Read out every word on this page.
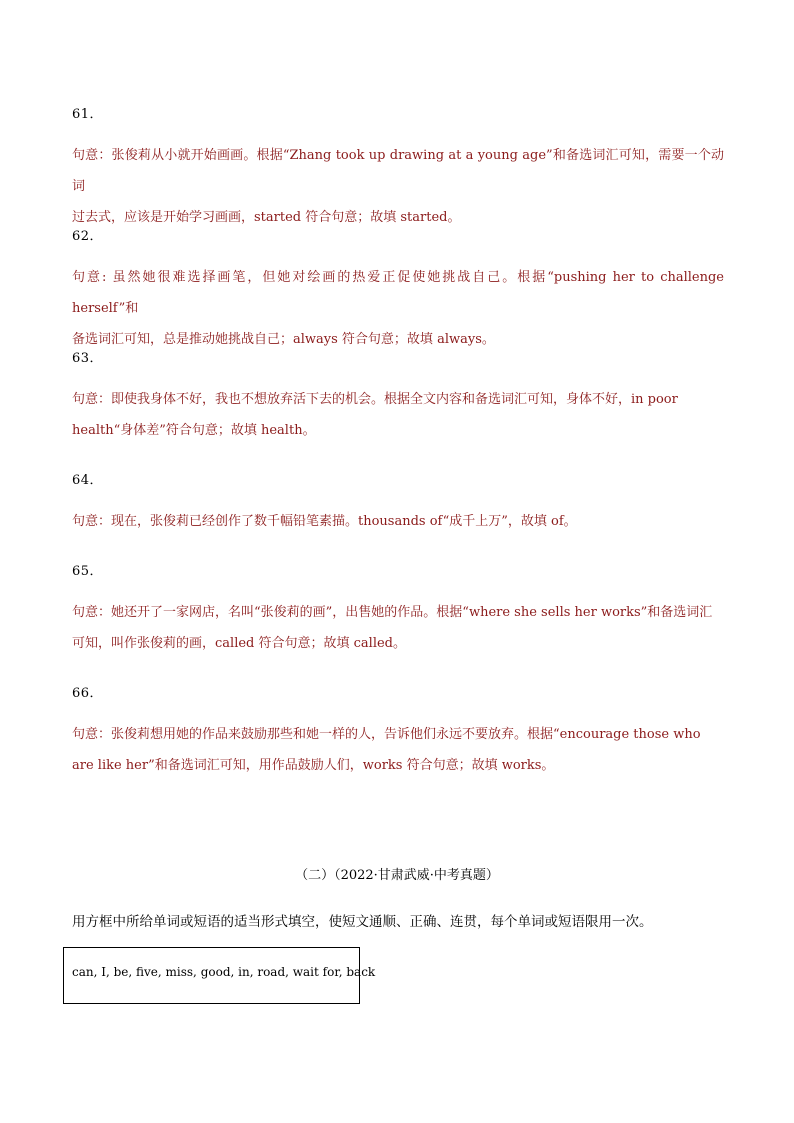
61．
句意：张俊莉从小就开始画画。根据“Zhang took up drawing at a young age”和备选词汇可知，需要一个动词
过去式，应该是开始学习画画，started 符合句意；故填 started。
62．
句意: 虽然她很难选择画笔，但她对绘画的热爱正促使她挑战自己。根据“pushing her to challenge herself”和
备选词汇可知，总是推动她挑战自己；always 符合句意；故填 always。
63．
句意：即使我身体不好，我也不想放弃活下去的机会。根据全文内容和备选词汇可知，身体不好，in poor
health“身体差”符合句意；故填 health。
64．
句意：现在，张俊莉已经创作了数千幅铅笔素描。thousands of“成千上万”，故填 of。
65．
句意：她还开了一家网店，名叫“张俊莉的画”，出售她的作品。根据“where she sells her works”和备选词汇
可知，叫作张俊莉的画，called 符合句意；故填 called。
66．
句意：张俊莉想用她的作品来鼓励那些和她一样的人，告诉他们永远不要放弃。根据“encourage those who
are like her”和备选词汇可知，用作品鼓励人们，works 符合句意；故填 works。
（二）（2022·甘肃武威·中考真题）
用方框中所给单词或短语的适当形式填空，使短文通顺、正确、连贯，每个单词或短语限用一次。
can, I, be, five, miss, good, in, road, wait for, back
